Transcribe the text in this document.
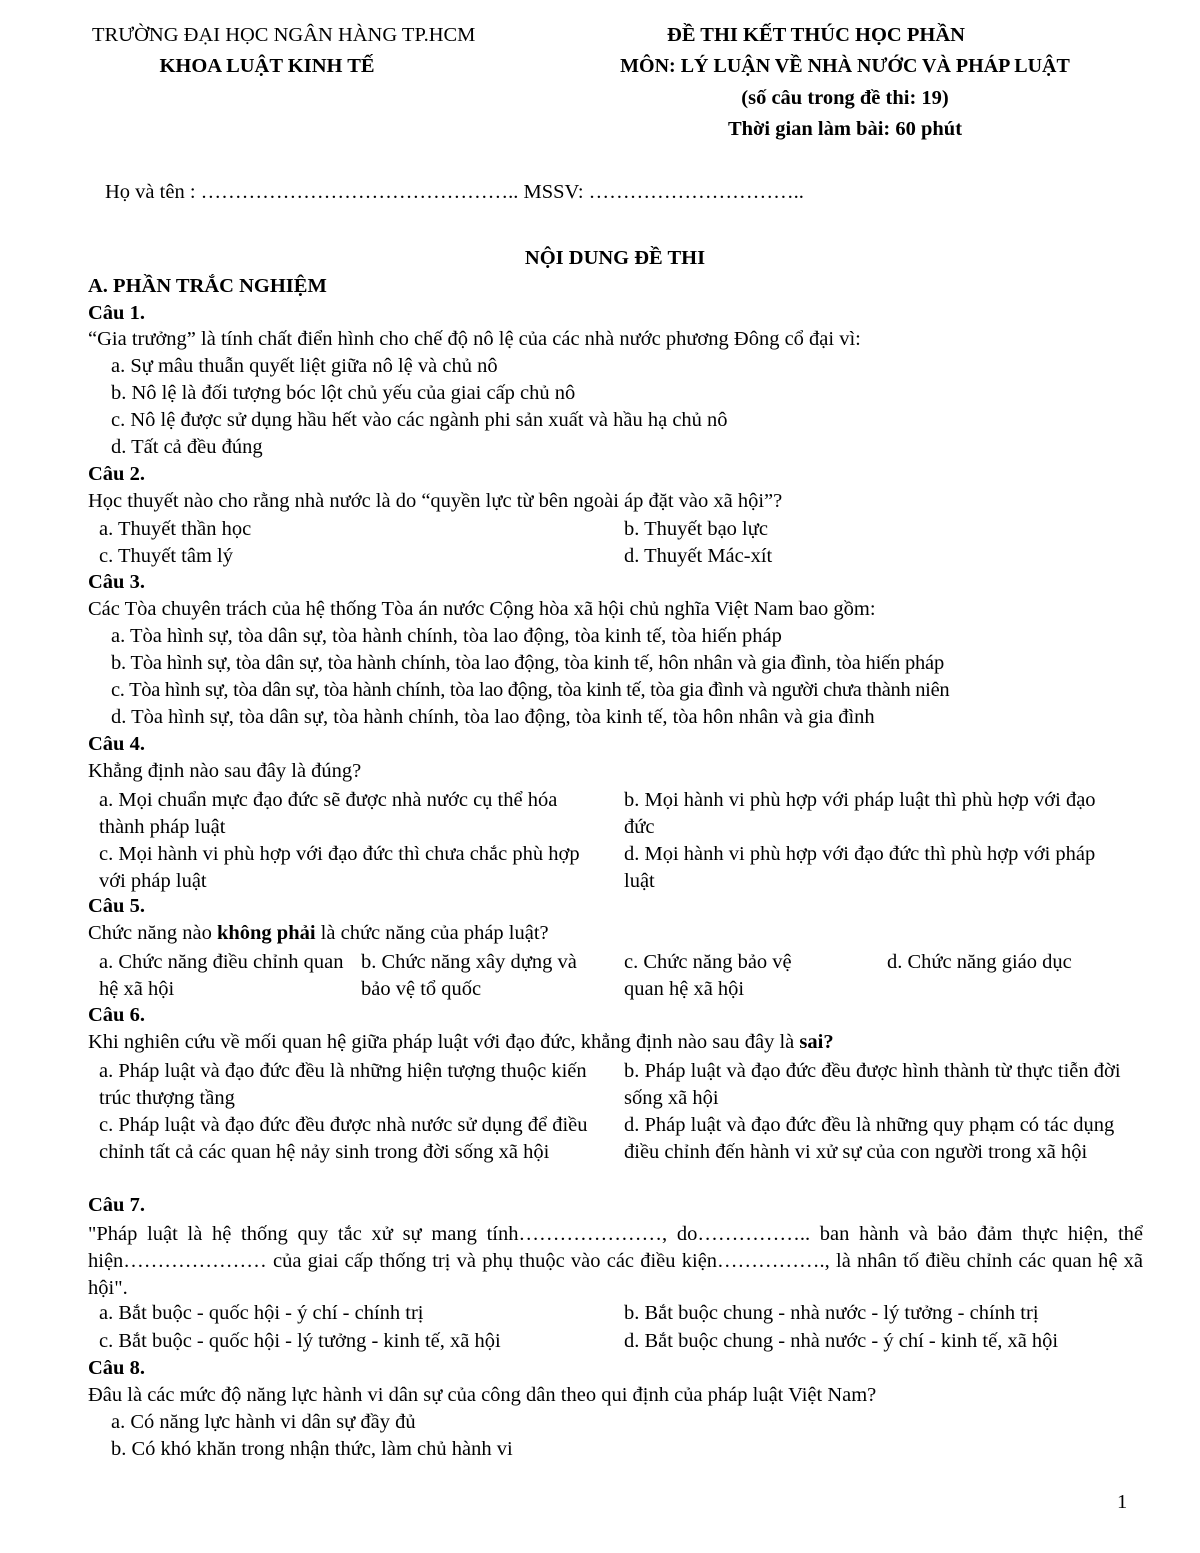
TRƯỜNG ĐẠI HỌC NGÂN HÀNG TP.HCM
KHOA LUẬT KINH TẾ
ĐỀ THI KẾT THÚC HỌC PHẦN
MÔN: LÝ LUẬN VỀ NHÀ NƯỚC VÀ PHÁP LUẬT
(số câu trong đề thi: 19)
Thời gian làm bài: 60 phút
Họ và tên : ……………………………………….. MSSV: …………………………..
NỘI DUNG ĐỀ THI
A. PHẦN TRẮC NGHIỆM
Câu 1.
“Gia trưởng” là tính chất điển hình cho chế độ nô lệ của các nhà nước phương Đông cổ đại vì:
a. Sự mâu thuẫn quyết liệt giữa nô lệ và chủ nô
b. Nô lệ là đối tượng bóc lột chủ yếu của giai cấp chủ nô
c. Nô lệ được sử dụng hầu hết vào các ngành phi sản xuất và hầu hạ chủ nô
d. Tất cả đều đúng
Câu 2.
Học thuyết nào cho rằng nhà nước là do “quyền lực từ bên ngoài áp đặt vào xã hội”?
a. Thuyết thần học	b. Thuyết bạo lực
c. Thuyết tâm lý	d. Thuyết Mác-xít
Câu 3.
Các Tòa chuyên trách của hệ thống Tòa án nước Cộng hòa xã hội chủ nghĩa Việt Nam bao gồm:
a. Tòa hình sự, tòa dân sự, tòa hành chính, tòa lao động, tòa kinh tế, tòa hiến pháp
b. Tòa hình sự, tòa dân sự, tòa hành chính, tòa lao động, tòa kinh tế, hôn nhân và gia đình, tòa hiến pháp
c. Tòa hình sự, tòa dân sự, tòa hành chính, tòa lao động, tòa kinh tế, tòa gia đình và người chưa thành niên
d. Tòa hình sự, tòa dân sự, tòa hành chính, tòa lao động, tòa kinh tế, tòa hôn nhân và gia đình
Câu 4.
Khẳng định nào sau đây là đúng?
a. Mọi chuẩn mực đạo đức sẽ được nhà nước cụ thể hóa thành pháp luật
b. Mọi hành vi phù hợp với pháp luật thì phù hợp với đạo đức
c. Mọi hành vi phù hợp với đạo đức thì chưa chắc phù hợp với pháp luật
d. Mọi hành vi phù hợp với đạo đức thì phù hợp với pháp luật
Câu 5.
Chức năng nào không phải là chức năng của pháp luật?
a. Chức năng điều chỉnh quan hệ xã hội
b. Chức năng xây dựng và bảo vệ tổ quốc
c. Chức năng bảo vệ quan hệ xã hội
d. Chức năng giáo dục
Câu 6.
Khi nghiên cứu về mối quan hệ giữa pháp luật với đạo đức, khẳng định nào sau đây là sai?
a. Pháp luật và đạo đức đều là những hiện tượng thuộc kiến trúc thượng tầng
b. Pháp luật và đạo đức đều được hình thành từ thực tiễn đời sống xã hội
c. Pháp luật và đạo đức đều được nhà nước sử dụng để điều chỉnh tất cả các quan hệ nảy sinh trong đời sống xã hội
d. Pháp luật và đạo đức đều là những quy phạm có tác dụng điều chỉnh đến hành vi xử sự của con người trong xã hội
Câu 7.
"Pháp luật là hệ thống quy tắc xử sự mang tính…………………, do…………….. ban hành và bảo đảm thực hiện, thể hiện………………… của giai cấp thống trị và phụ thuộc vào các điều kiện……………., là nhân tố điều chỉnh các quan hệ xã hội".
a. Bắt buộc - quốc hội - ý chí - chính trị	b. Bắt buộc chung - nhà nước - lý tưởng - chính trị
c. Bắt buộc - quốc hội - lý tưởng - kinh tế, xã hội	d. Bắt buộc chung - nhà nước - ý chí - kinh tế, xã hội
Câu 8.
Đâu là các mức độ năng lực hành vi dân sự của công dân theo qui định của pháp luật Việt Nam?
a. Có năng lực hành vi dân sự đầy đủ
b. Có khó khăn trong nhận thức, làm chủ hành vi
1
